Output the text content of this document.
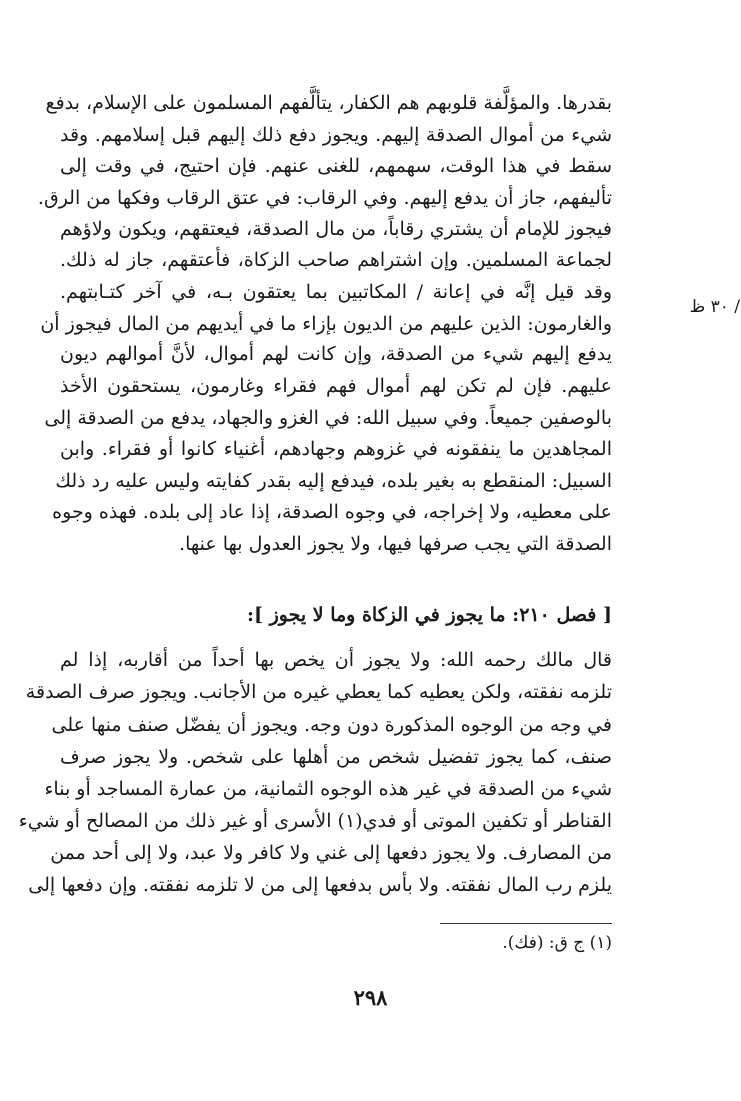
بقدرها. والمؤلَّفة قلوبهم هم الكفار، يتألَّفهم المسلمون على الإسلام، بدفع
شيء من أموال الصدقة إليهم. ويجوز دفع ذلك إليهم قبل إسلامهم. وقد
سقط في هذا الوقت، سهمهم، للغنى عنهم. فإن احتيج، في وقت إلى
تأليفهم، جاز أن يدفع إليهم. وفي الرقاب: في عتق الرقاب وفكها من الرق.
فيجوز للإمام أن يشتري رقاباً، من مال الصدقة، فيعتقهم، ويكون ولاؤهم
لجماعة المسلمين. وإن اشتراهم صاحب الزكاة، فأعتقهم، جاز له ذلك.
وقد قيل إنَّه في إعانة / المكاتبين بما يعتقون بـه، في آخر كتـابتهم.
والغارمون: الذين عليهم من الديون بإزاء ما في أيديهم من المال فيجوز أن
يدفع إليهم شيء من الصدقة، وإن كانت لهم أموال، لأنَّ أموالهم ديون
عليهم. فإن لم تكن لهم أموال فهم فقراء وغارمون، يستحقون الأخذ
بالوصفين جميعاً. وفي سبيل الله: في الغزو والجهاد، يدفع من الصدقة إلى
المجاهدين ما ينفقونه في غزوهم وجهادهم، أغنياء كانوا أو فقراء. وابن
السبيل: المنقطع به بغير بلده، فيدفع إليه بقدر كفايته وليس عليه رد ذلك
على معطيه، ولا إخراجه، في وجوه الصدقة، إذا عاد إلى بلده. فهذه وجوه
الصدقة التي يجب صرفها فيها، ولا يجوز العدول بها عنها.
[ فصل ٢١٠: ما يجوز في الزكاة وما لا يجوز ]:
قال مالك رحمه الله: ولا يجوز أن يخص بها أحداً من أقاربه، إذا لم
تلزمه نفقته، ولكن يعطيه كما يعطي غيره من الأجانب. ويجوز صرف الصدقة
في وجه من الوجوه المذكورة دون وجه. ويجوز أن يفضّل صنف منها على
صنف، كما يجوز تفضيل شخص من أهلها على شخص. ولا يجوز صرف
شيء من الصدقة في غير هذه الوجوه الثمانية، من عمارة المساجد أو بناء
القناطر أو تكفين الموتى أو فدي(١) الأسرى أو غير ذلك من المصالح أو شيء
من المصارف. ولا يجوز دفعها إلى غني ولا كافر ولا عبد، ولا إلى أحد ممن
يلزم رب المال نفقته. ولا بأس بدفعها إلى من لا تلزمه نفقته. وإن دفعها إلى
/ ٣٠ ظ
(١) ج ق: (فك).
٢٩٨
